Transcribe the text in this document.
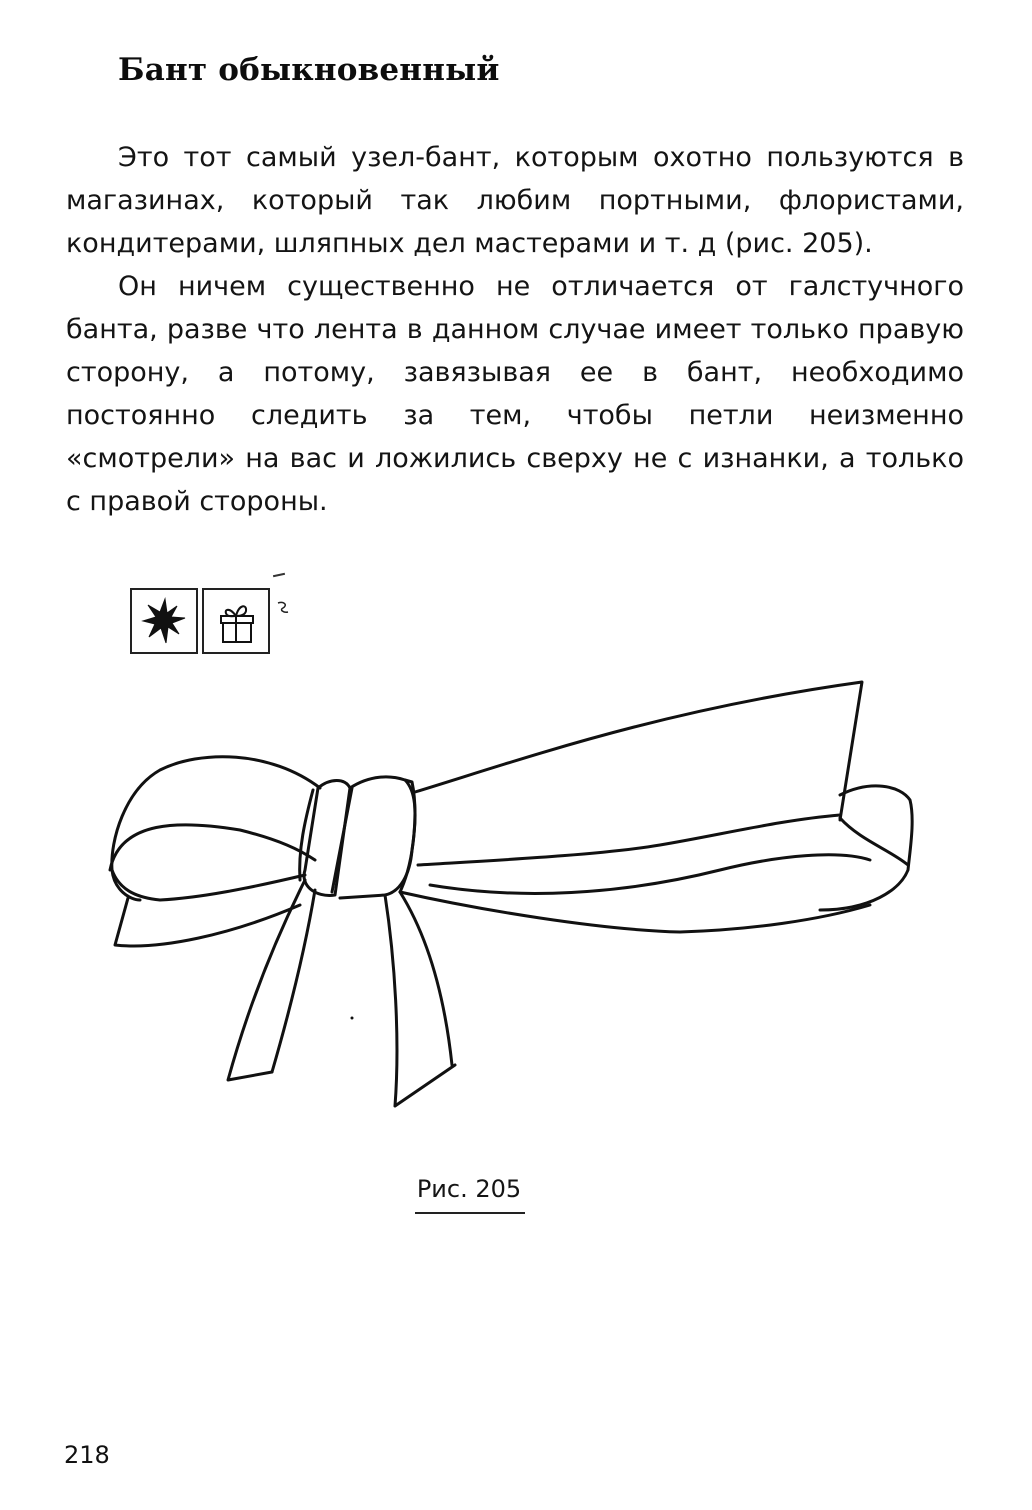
Бант обыкновенный

Это тот самый узел-бант, которым охотно пользуются в магазинах, который так любим портными, флористами, кондитерами, шляпных дел мастерами и т. д (рис. 205).

Он ничем существенно не отличается от галстучного банта, разве что лента в данном случае имеет только правую сторону, а потому, завязывая ее в бант, необходимо постоянно следить за тем, чтобы петли неизменно «смотрели» на вас и ложились сверху не с изнанки, а только с правой стороны.

Рис. 205
218
